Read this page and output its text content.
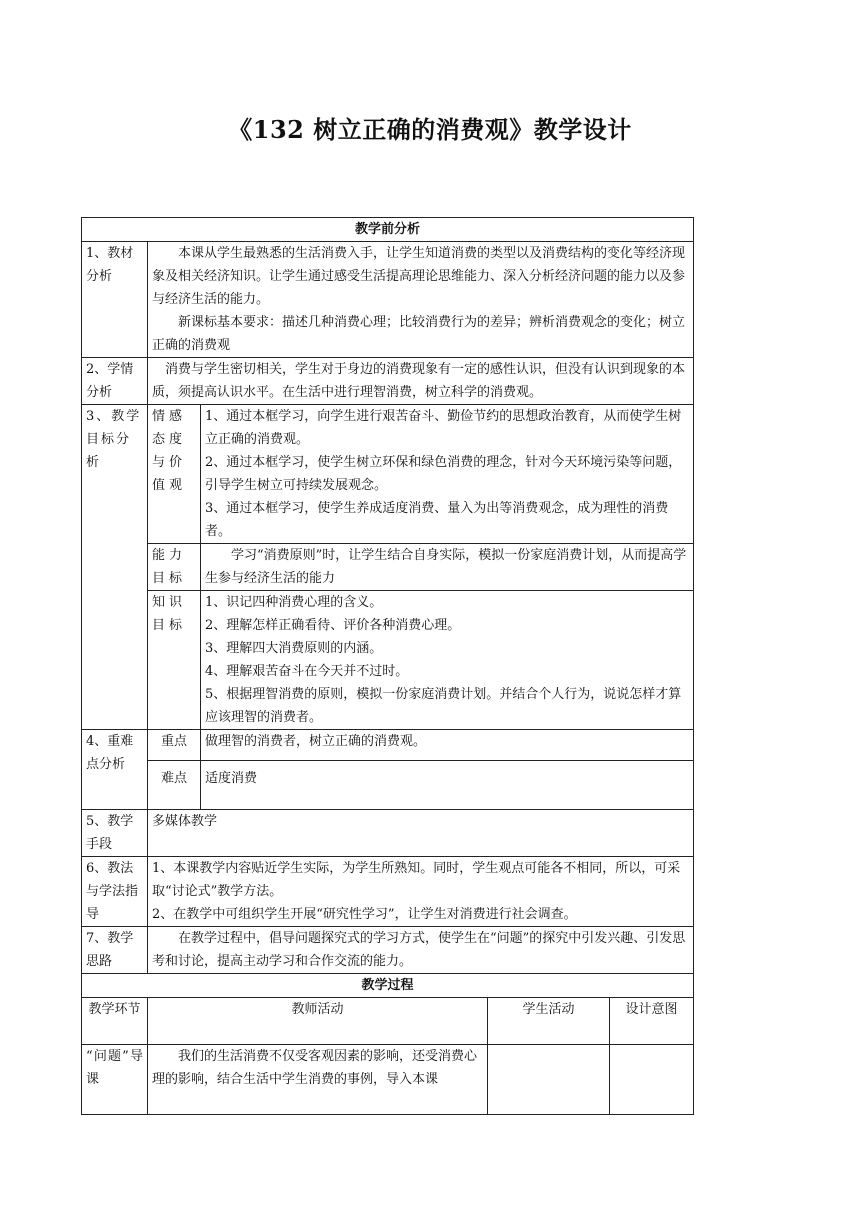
《132 树立正确的消费观》教学设计
教学前分析				
1、教材分析	本课从学生最熟悉的生活消费入手，让学生知道消费的类型以及消费结构的变化等经济现象及相关经济知识。让学生通过感受生活提高理论思维能力、深入分析经济问题的能力以及参与经济生活的能力。
新课标基本要求：描述几种消费心理；比较消费行为的差异；辨析消费观念的变化；树立正确的消费观			

2、学情分析	消费与学生密切相关，学生对于身边的消费现象有一定的感性认识，但没有认识到现象的本质，须提高认识水平。在生活中进行理智消费，树立科学的消费观。			

3、教学目标分析	情感态度与价值观	1、通过本框学习，向学生进行艰苦奋斗、勤俭节约的思想政治教育，从而使学生树立正确的消费观。
2、通过本框学习，使学生树立环保和绿色消费的理念，针对今天环境污染等问题，引导学生树立可持续发展观念。
3、通过本框学习，使学生养成适度消费、量入为出等消费观念，成为理性的消费者。		

	能力目标	学习“消费原则”时，让学生结合自身实际，模拟一份家庭消费计划，从而提高学生参与经济生活的能力		

	知识目标	1、识记四种消费心理的含义。
2、理解怎样正确看待、评价各种消费心理。
3、理解四大消费原则的内涵。
4、理解艰苦奋斗在今天并不过时。
5、根据理智消费的原则，模拟一份家庭消费计划。并结合个人行为，说说怎样才算应该理智的消费者。		

4、重难点分析	重点	做理智的消费者，树立正确的消费观。		
	难点	适度消费		
5、教学手段	多媒体教学			
6、教法与学法指导	1、本课教学内容贴近学生实际，为学生所熟知。同时，学生观点可能各不相同，所以，可采取“讨论式”教学方法。
2、在教学中可组织学生开展“研究性学习”，让学生对消费进行社会调查。			

7、教学思路	在教学过程中，倡导问题探究式的学习方式，使学生在“问题”的探究中引发兴趣、引发思考和讨论，提高主动学习和合作交流的能力。			

教学过程				
教学环节	教师活动		学生活动	设计意图
“问题”导课	我们的生活消费不仅受客观因素的影响，还受消费心理的影响，结合生活中学生消费的事例，导入本课			
